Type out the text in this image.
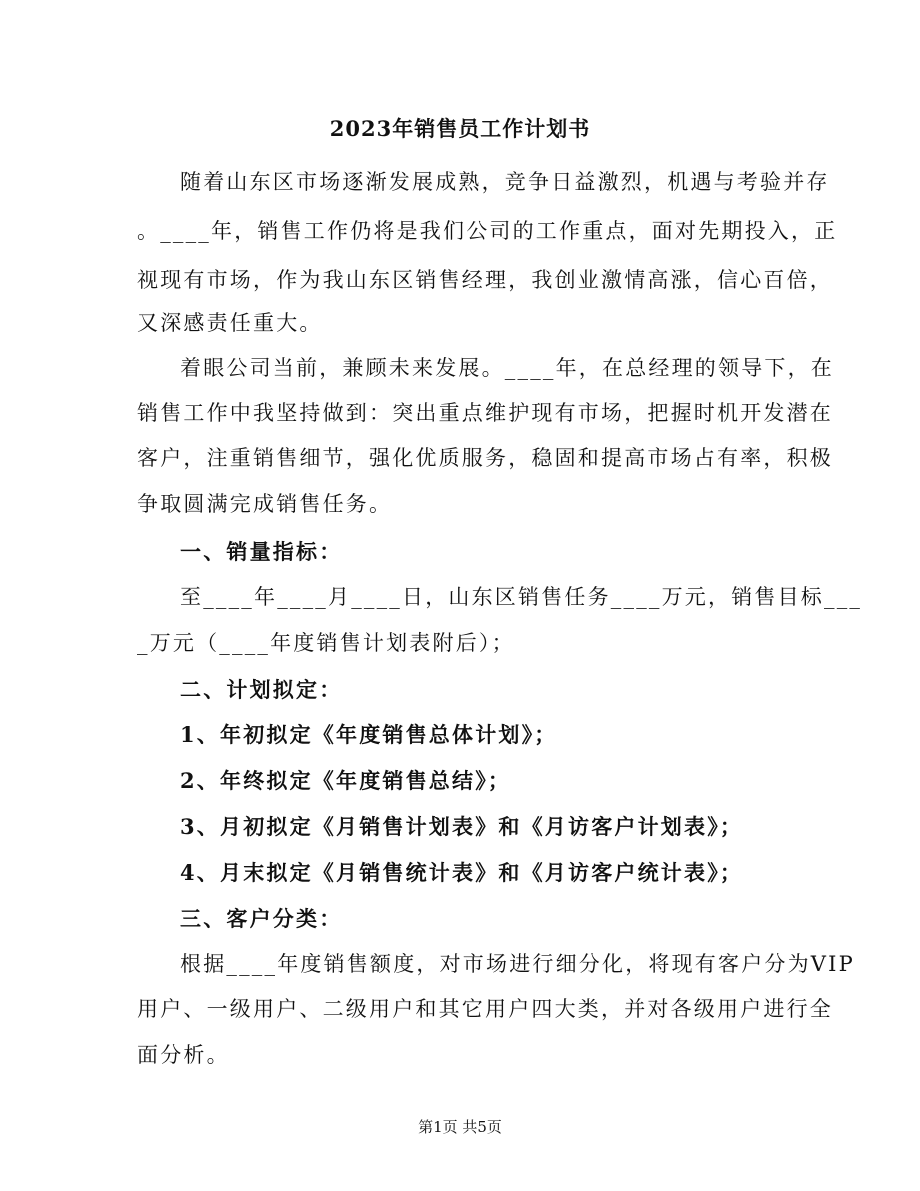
2023年销售员工作计划书
随着山东区市场逐渐发展成熟，竞争日益激烈，机遇与考验并存
。____年，销售工作仍将是我们公司的工作重点，面对先期投入，正
视现有市场，作为我山东区销售经理，我创业激情高涨，信心百倍，
又深感责任重大。
着眼公司当前，兼顾未来发展。____年，在总经理的领导下，在
销售工作中我坚持做到：突出重点维护现有市场，把握时机开发潜在
客户，注重销售细节，强化优质服务，稳固和提高市场占有率，积极
争取圆满完成销售任务。
一、销量指标：
至____年____月____日，山东区销售任务____万元，销售目标___
_万元（____年度销售计划表附后）；
二、计划拟定：
1、年初拟定《年度销售总体计划》；
2、年终拟定《年度销售总结》；
3、月初拟定《月销售计划表》和《月访客户计划表》；
4、月末拟定《月销售统计表》和《月访客户统计表》；
三、客户分类：
根据____年度销售额度，对市场进行细分化，将现有客户分为VIP
用户、一级用户、二级用户和其它用户四大类，并对各级用户进行全
面分析。
第1页 共5页
